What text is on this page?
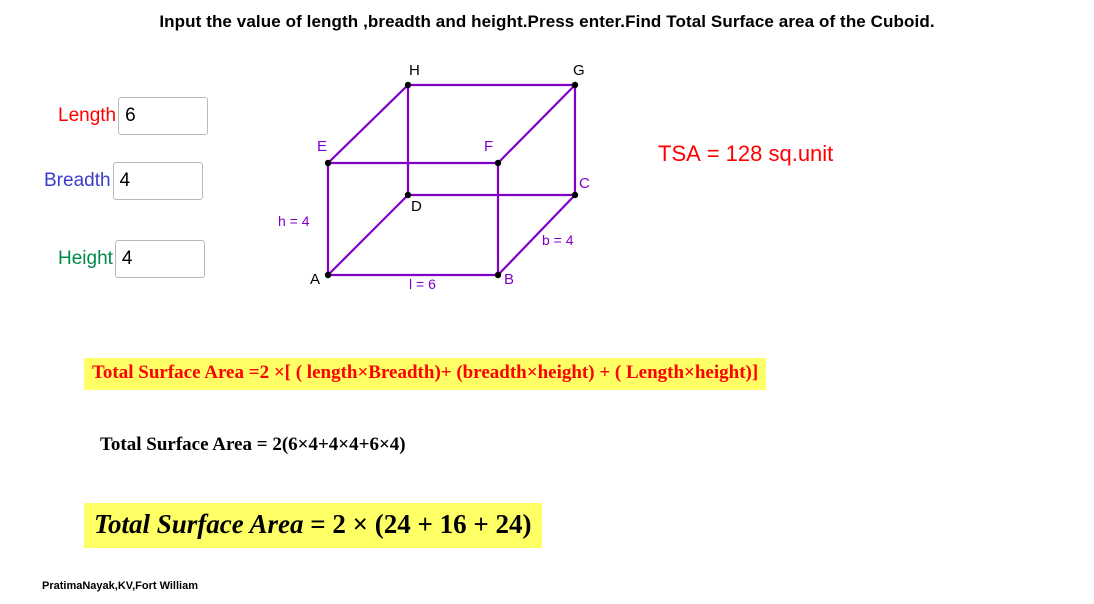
Input the value of length ,breadth and height.Press enter.Find Total Surface area of the Cuboid.
Length
6
Breadth
4
Height
4
TSA = 128 sq.unit
A	B
C
D
E	F
G
H
l = 6
b = 4
h = 4
Total Surface Area =2 ×[ ( length×Breadth)+ (breadth×height) + ( Length×height)]
Total Surface Area = 2(6×4+4×4+6×4)
Total Surface Area = 2 × (24 + 16 + 24)
PratimaNayak,KV,Fort William
